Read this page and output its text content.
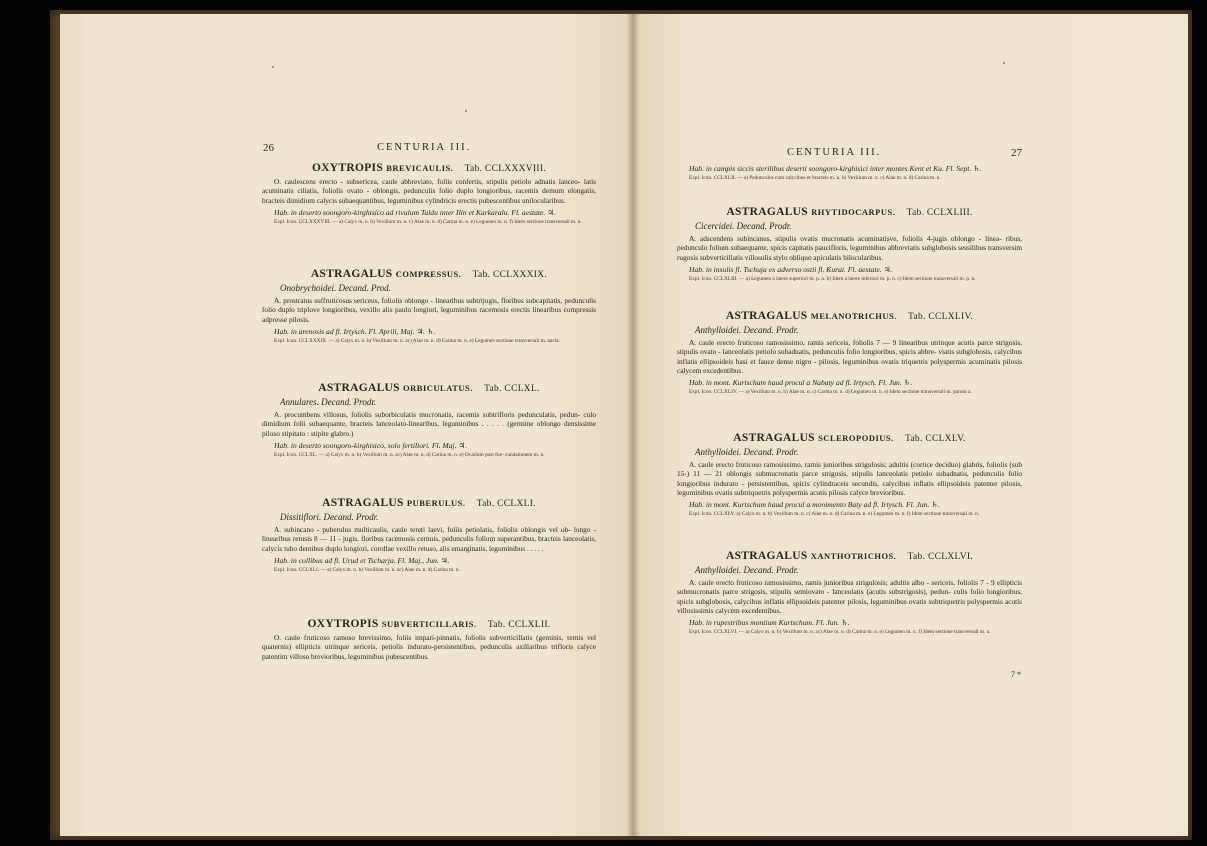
26	CENTURIA III.
OXYTROPIS BREVICAULIS. Tab. CCLXXXVIII.

O. caulescens erecto - subsericea, caule abbreviato, foliis confertis, stipulis petiolo adnatis lanceo- latis acuminatis ciliatis, foliolis ovato - oblongis, pedunculis folio duplo longioribus, racemis demum elongatis, bracteis dimidium calycis subaequantibus, leguminibus cylindricis erectis pubescentibus unilocularibus.

Hab. in deserto soongoro-kirghisico ad rivulum Taldu inter Ilin et Karkaralu. Fl. aestate. ♃.
Expl. Icon. CCLXXXVIII. — a) Calyx m. n. b) Vexillum m. n. c) Alae m. n. d) Carina m. n. e) Legumen m. n. f) Idem sectione transversali m. n.
ASTRAGALUS COMPRESSUS. Tab. CCLXXXIX.
Onobrychoidei. Decand. Prod.

A. prostratus suffruticosus sericeus, foliolis oblongo - linearibus subtrijugis, floribus subcapitatis, pedunculis folio duplo triplove longioribus, vexillo alis paulo longiori, leguminibus racemosis erectis linearibus compressis adpresse pilosis.

Hab. in arenosis ad fl. Irtysch. Fl. Aprili, Maj. ♃. ♄.
Expl. Icon. CCLXXXIX. — a) Calyx m. n. b) Vexillum m. n. ac) Alae m. n. d) Carina m. n. e) Legumen sectione transversali m. aucta.
ASTRAGALUS ORBICULATUS. Tab. CCLXL.
Annulares. Decand. Prodr.

A. procumbens villosus, foliolis suborbiculatis mucronatis, racemis subtrifloris pedunculatis, pedun- culo dimidium folii subaequante, bracteis lanceolato-linearibus, leguminibus . . . . . (germine oblongo densissime piloso stipitato : stipite glabro.)

Hab. in deserto soongoro-kirghisico, solo fertiliori. Fl. Maj. ♃.
Expl. Icon. CCLXL. — a) Calyx m. n. b) Vexillum m. n. ac) Alae m. n. d) Carina m. n. e) Ovarium post foe- cundationem m. n.
ASTRAGALUS PUBERULUS. Tab. CCLXLI.
Dissitiflori. Decand. Prodr.

A. subincano - puberulus multicaulis, caule tereti laevi, foliis petiolatis, foliolis oblongis vel ob- longo - linearibus retusis 8 — 11 - jugis, floribus racemosis cernuis, pedunculis folium superantibus, bracteis lanceolatis, calycis tubo dentibus duplo longiori, corollae vexillo retuso, alis emarginatis, leguminibus . . . . .

Hab. in collibus ad fl. Urud et Tscharja. Fl. Maj., Jun. ♃.
Expl. Icon. CCLXLI. — a) Calyx m. n. b) Vexillum m. n. ac) Alae m. n. d) Carina m. n.
OXYTROPIS SUBVERTICILLARIS. Tab. CCLXLII.

O. caule fruticoso ramoso brevissimo, foliis impari-pinnatis, foliolis subverticillatis (geminis, ternis vel quaternis) ellipticis utrinque sericeis, petiolis indurato-persistentibus, pedunculis axillaribus trifloris calyce patentim villoso brevioribus, leguminibus pubescentibus.

CENTURIA III.	27
Hab. in campis siccis sterilibus deserti soongoro-kirghisici inter montes Kent et Ku. Fl. Sept. ♄.
Expl. Icon. CCLXLII. — a) Pedunculus cum calycibus et bracteis m. n. b) Vexillum m. n. c) Alae m. n. d) Carina m. n.
ASTRAGALUS RHYTIDOCARPUS. Tab. CCLXLIII.
Cicercidei. Decand. Prodr.

A. adscendens subincanus, stipulis ovatis mucronatis acuminatisve, foliolis 4-jugis oblongo - linea- ribus, pedunculo folium subaequante, spicis capitatis paucifloris, leguminibus abbreviatis subglobosis sessilibus transversim rugosis subverticillatis villosulis stylo obliquo apiculatis bilocularibus.

Hab. in insulis fl. Tschuja ex adverso ostii fl. Kurai. Fl. aestate. ♃.
Expl. Icon. CCLXLIII. — a) Legumen a latere superiori m. p. n. b) Idem a latere inferiori m. p. n. c) Idem sectione transversali m. p. n.
ASTRAGALUS MELANOTRICHUS. Tab. CCLXLIV.
Anthylloidei. Decand. Prodr.

A. caule erecto fruticoso ramosissimo, ramis sericeis, foliolis 7 — 9 linearibus utrinque acutis parce strigosis, stipulis ovato - lanceolatis petiolo subadnatis, pedunculis folio longioribus, spicis abbre- viatis subglobosis, calycibus inflatis ellipsoideis basi et fauce dense nigro - pilosis, leguminibus ovatis triquetris polyspermis acuminatis pilosis calycem excedentibus.

Hab. in mont. Kurtschum haud procul a Nabaty ad fl. Irtysch. Fl. Jun. ♄.
Expl. Icon. CCLXLIV. — a) Vexillum m. n. b) Alae m. n. c) Carina m. n. d) Legumen m. n. e) Idem sectione transversali m. parum a.
ASTRAGALUS SCLEROPODIUS. Tab. CCLXLV.
Anthylloidei. Decand. Prodr.

A. caule erecto fruticoso ramosissimo, ramis junioribus strigulosis; adultis (cortice deciduo) glabris, foliolis (sub 15-) 11 — 21 oblongis submucronatis parce strigosis, stipulis lanceolatis petiolo subadnatis, pedunculis folio longioribus indurato - persistentibus, spicis cylindraceis secundis, calycibus inflatis ellipsoideis patenter pilosis, leguminibus ovatis subtriquetris polyspermis acutis pilosis calyce brevioribus.

Hab. in mont. Kurtschum haud procul a monimento Baty ad fl. Irtysch. Fl. Jun. ♄.
Expl. Icon. CCLXLV. a) Calyx m. n. b) Vexillum m. n. c) Alae m. n. d) Carina m. n. e) Legumen m. n. f) Idem sectione transversali m. n.
ASTRAGALUS XANTHOTRICHOS. Tab. CCLXLVI.
Anthylloidei. Decand. Prodr.

A. caule erecto fruticoso ramosissimo, ramis junioribus strigulosis; adultis albo - sericeis, foliolis 7 - 9 ellipticis submucronatis parce strigosis, stipulis semiovato - lanceolatis (acutis substrigosis), pedun- culis folio longioribus, spicis subglobosis, calycibus inflatis ellipsoideis patenter pilosis, leguminibus ovatis subtriquetris polyspermis acutis villosissimis calycem excedentibus.

Hab. in rupestribus montium Kurtschum. Fl. Jun. ♄.
Expl. Icon. CCLXLVI. — a) Calyx m. n. b) Vexillum m. n. ac) Alae m. n. d) Carina m. n. e) Legumen m. n. f) Idem sectione transversali m. n.
7 *
